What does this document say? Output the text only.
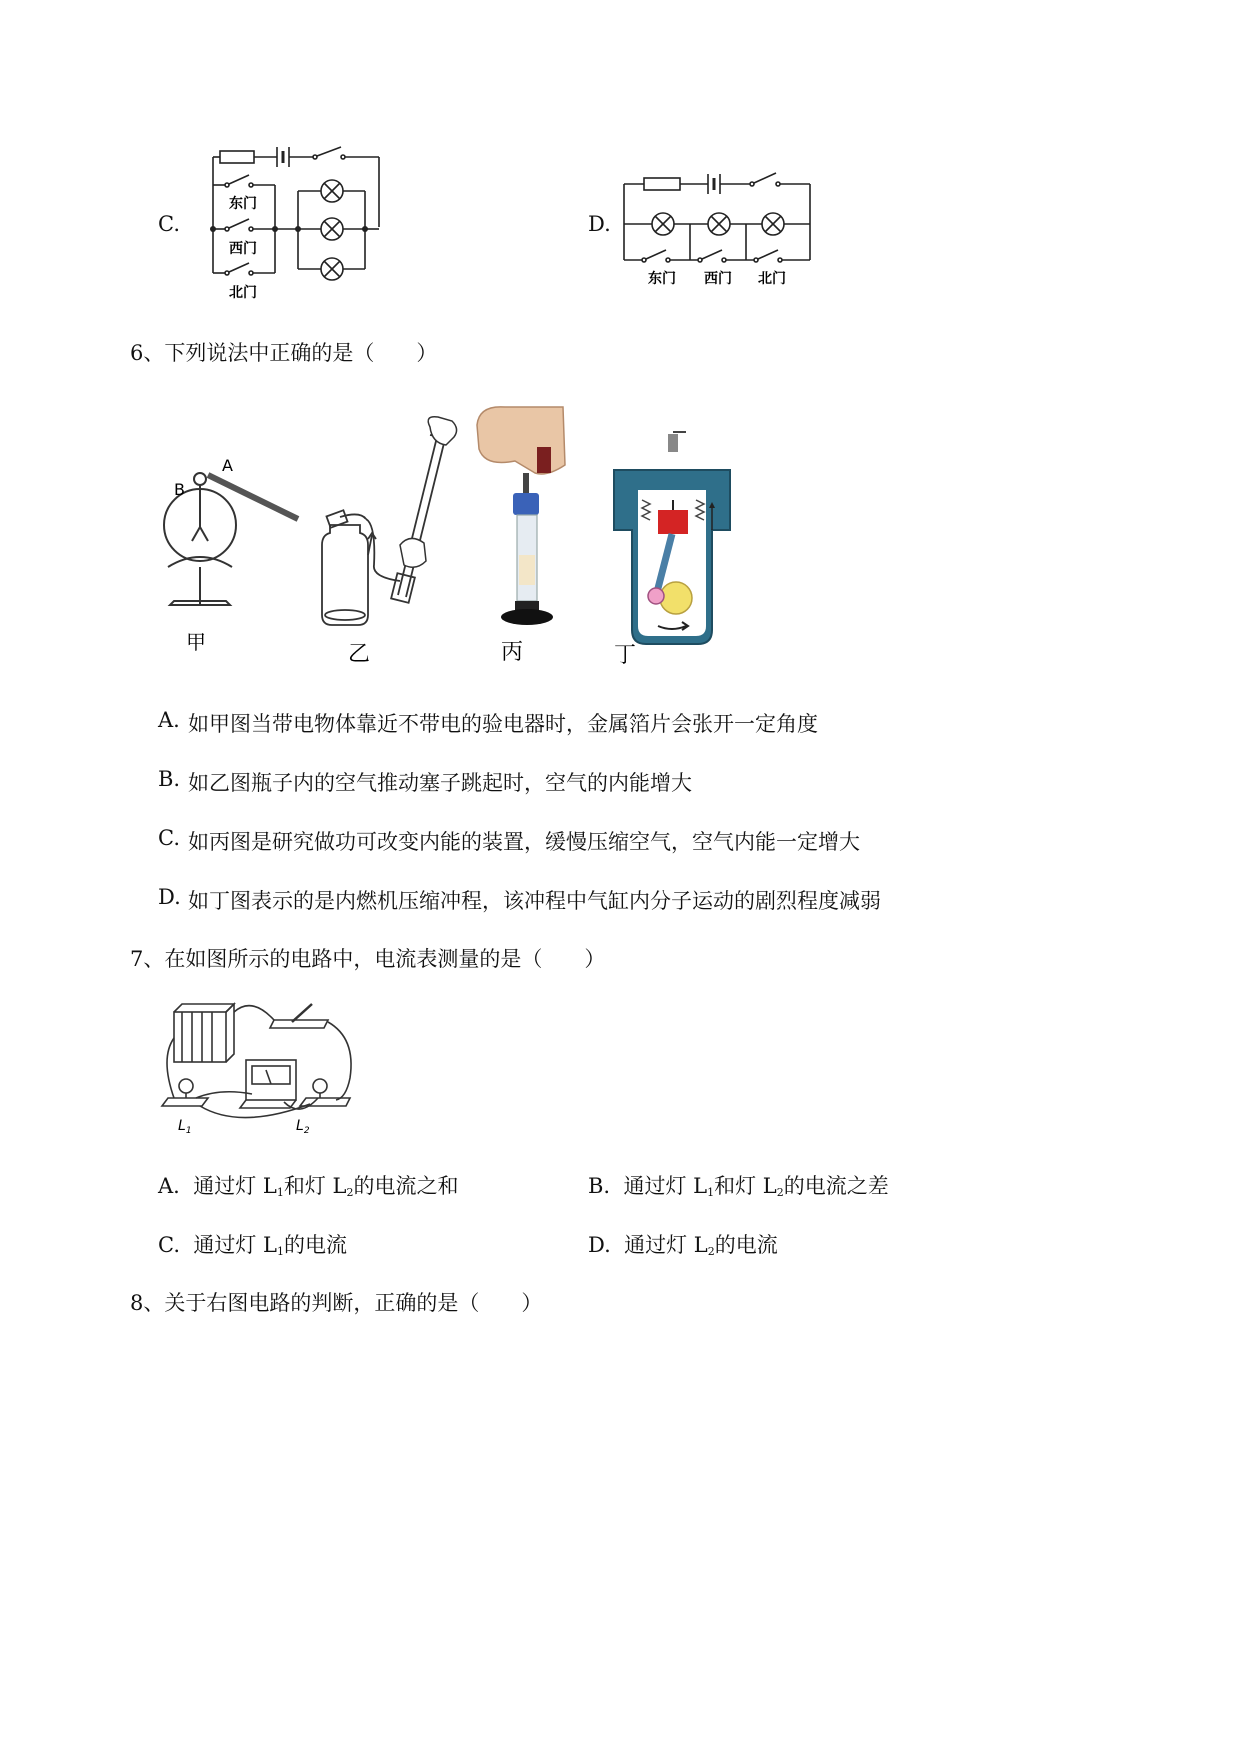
C.
东门
西门
北门
D.
东门 西门 北门
6、下列说法中正确的是（　　）
B
A
甲	乙	丙	丁
A. 如甲图当带电物体靠近不带电的验电器时，金属箔片会张开一定角度
B. 如乙图瓶子内的空气推动塞子跳起时，空气的内能增大
C. 如丙图是研究做功可改变内能的装置，缓慢压缩空气，空气内能一定增大
D. 如丁图表示的是内燃机压缩冲程，该冲程中气缸内分子运动的剧烈程度减弱
7、在如图所示的电路中，电流表测量的是（　　）
$L_1$	$L_2$
A. 通过灯 $L_1$和灯 $L_2$的电流之和	B. 通过灯 $L_1$和灯 $L_2$的电流之差
C. 通过灯 $L_1$的电流	D. 通过灯 $L_2$的电流
8、关于右图电路的判断，正确的是（　　）
